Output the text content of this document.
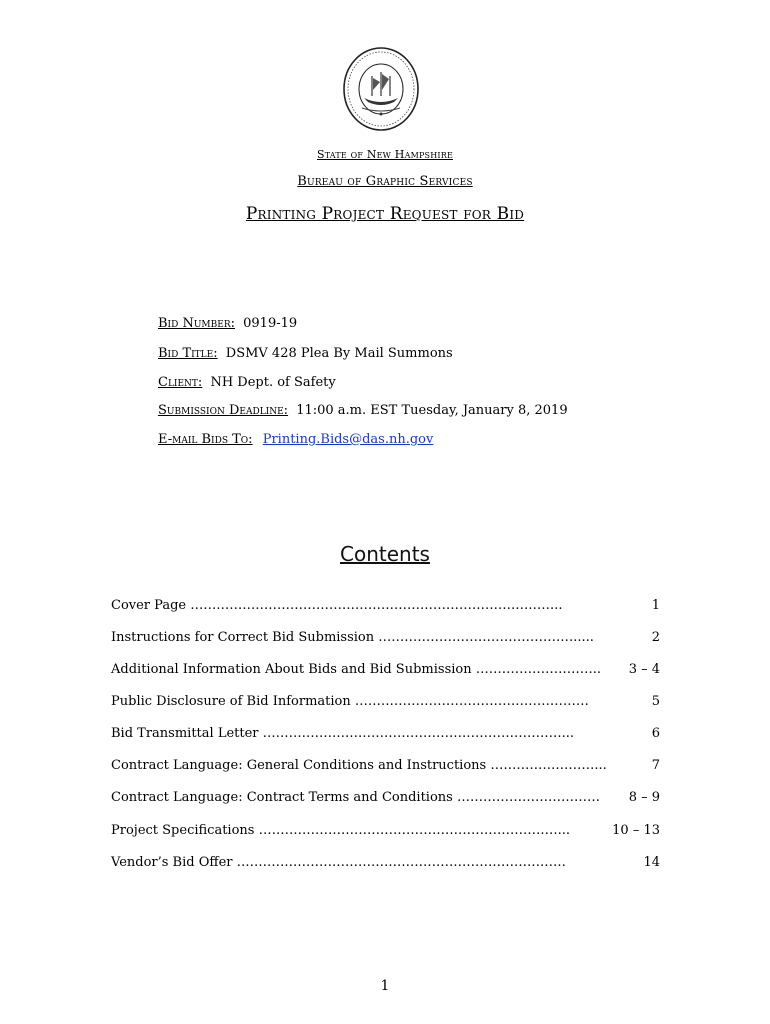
State of New Hampshire
Bureau of Graphic Services
Printing Project Request for Bid
Bid Number: 0919-19
Bid Title: DSMV 428 Plea By Mail Summons
Client: NH Dept. of Safety
Submission Deadline: 11:00 a.m. EST Tuesday, January 8, 2019
E-mail Bids To: Printing.Bids@das.nh.gov
Contents
Cover Page …………………………………………………………………………..	1
Instructions for Correct Bid Submission ……………………………………….....	2
Additional Information About Bids and Bid Submission ……………………….. 3 – 4
Public Disclosure of Bid Information ………………………………………………	5
Bid Transmittal Letter ……………………………………………………………...	6
Contract Language: General Conditions and Instructions ……………………...	7
Contract Language: Contract Terms and Conditions …………………………… 8 – 9
Project Specifications ……………………………………………………………...	10 – 13
Vendor’s Bid Offer ………………………………………………………………….	14
1
